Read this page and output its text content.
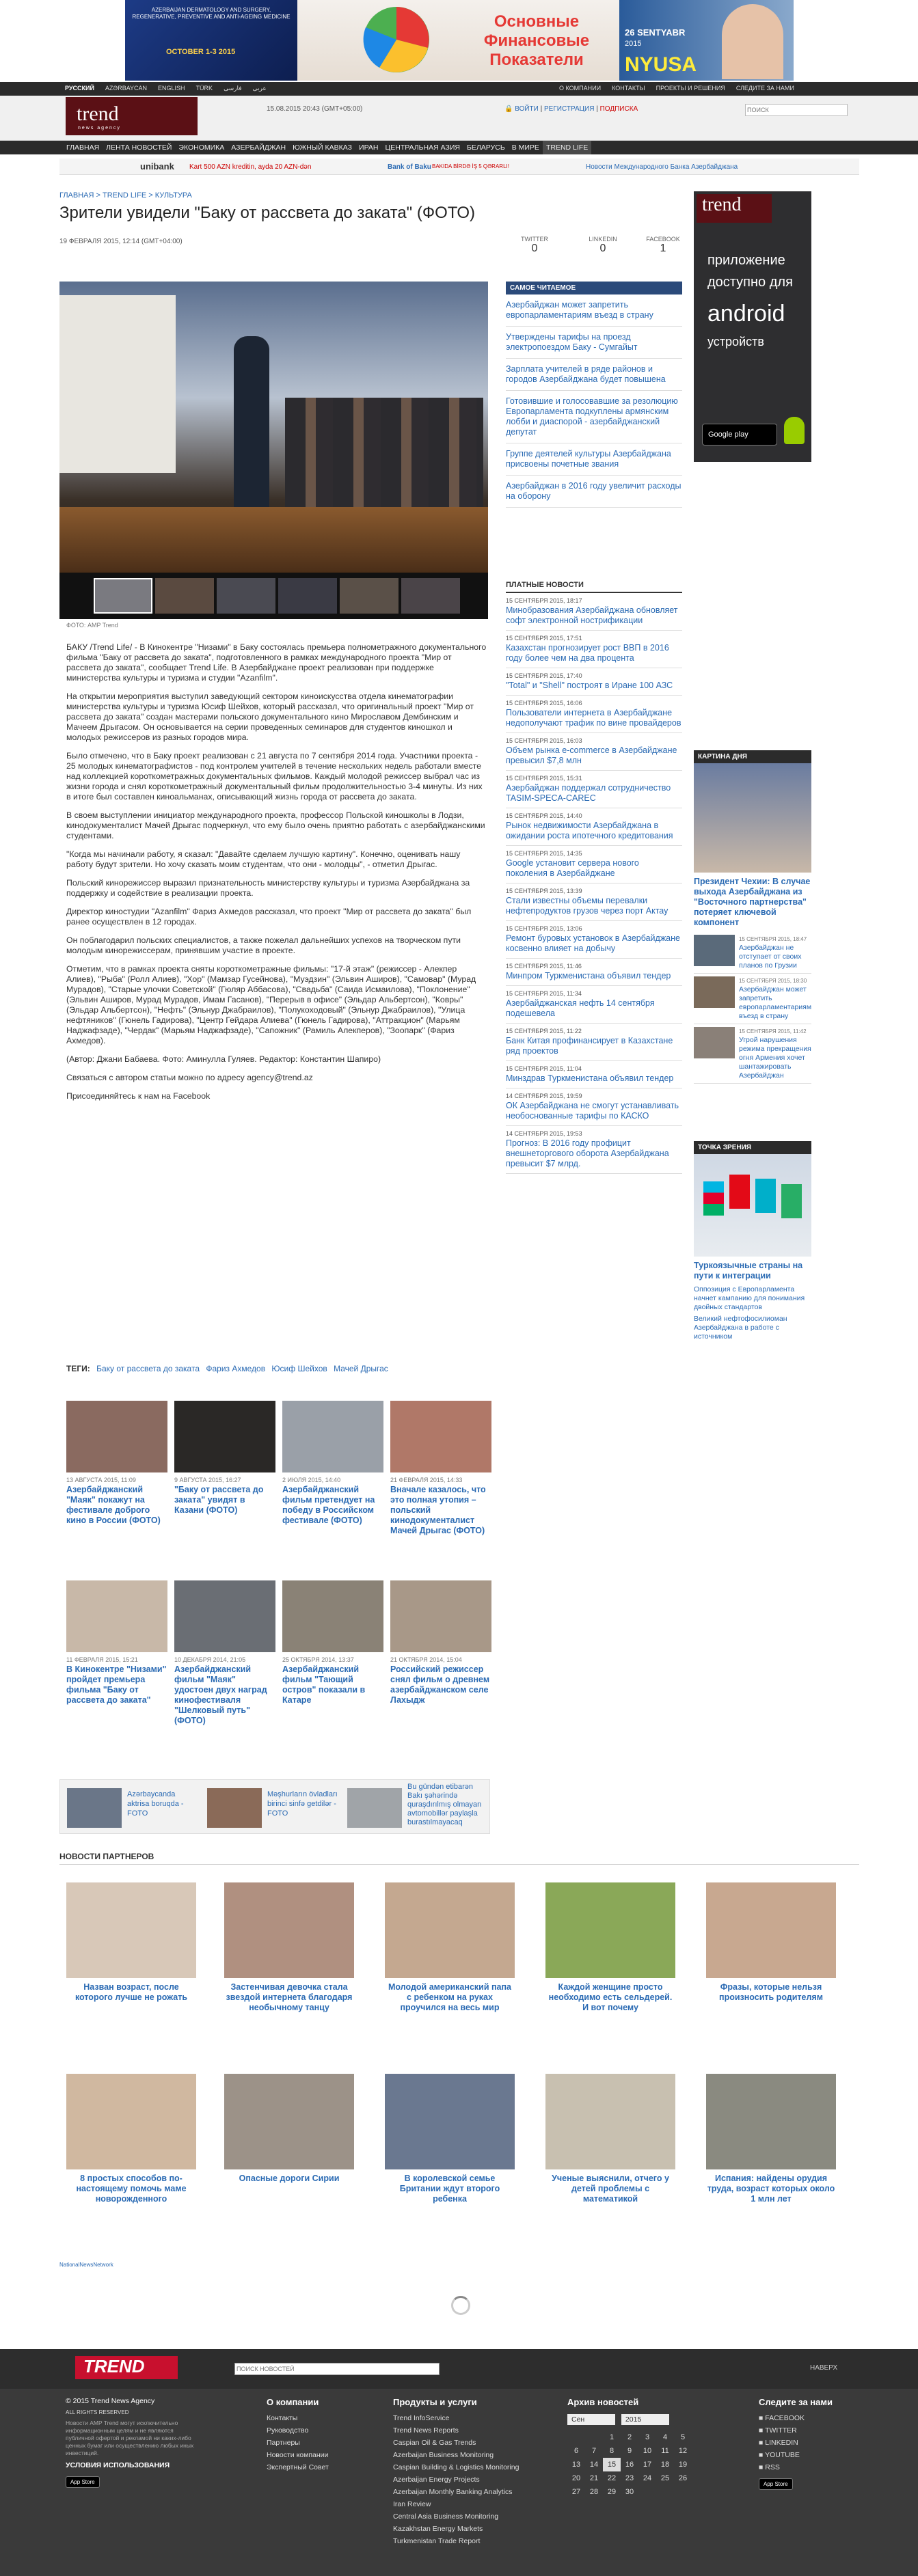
AZERBAIJAN DERMATOLOGY AND SURGERY, REGENERATIVE, PREVENTIVE AND ANTI-AGEING MEDICINE
OCTOBER 1-3 2015
Основные Финансовые Показатели
26 SENTYABR
2015
NYUSA
РУССКИЙ AZƏRBAYCAN ENGLISH TÜRK فارسی عربی	О КОМПАНИИ КОНТАКТЫ ПРОЕКТЫ И РЕШЕНИЯ СЛЕДИТЕ ЗА НАМИ
trend
news agency
15.08.2015 20:43 (GMT+05:00)	🔒 ВОЙТИ | РЕГИСТРАЦИЯ | ПОДПИСКА
ПОИСК
ГЛАВНАЯ ЛЕНТА НОВОСТЕЙ ЭКОНОМИКА АЗЕРБАЙДЖАН ЮЖНЫЙ КАВКАЗ ИРАН ЦЕНТРАЛЬНАЯ АЗИЯ БЕЛАРУСЬ В МИРЕ TREND LIFE
unibank Kart 500 AZN kreditin, ayda 20 AZN-dən	Bank of Baku BAKIDA BİRDƏ İŞ 5 QƏRARLI!	Новости Международного Банка Азербайджана
ГЛАВНАЯ > TREND LIFE > КУЛЬТУРА
Зрители увидели "Баку от рассвета до заката" (ФОТО)
19 ФЕВРАЛЯ 2015, 12:14 (GMT+04:00)	TWITTER
0
LINKEDIN
0
FACEBOOK
1
ФОТО: AMP Trend

БАКУ /Trend Life/ - В Кинокентре "Низами" в Баку состоялась премьера полнометражного документального фильма "Баку от рассвета до заката", подготовленного в рамках международного проекта "Мир от рассвета до заката", сообщает Trend Life. В Азербайджане проект реализован при поддержке министерства культуры и туризма и студии "Azanfilm".

На открытии мероприятия выступил заведующий сектором киноискусства отдела кинематографии министерства культуры и туризма Юсиф Шейхов, который рассказал, что оригинальный проект "Мир от рассвета до заката" создан мастерами польского документального кино Мирославом Дембинским и Мачеем Дрыгасом. Он основывается на серии проведенных семинаров для студентов киношкол и молодых режиссеров из разных городов мира.

Было отмечено, что в Баку проект реализован с 21 августа по 7 сентября 2014 года. Участники проекта - 25 молодых кинематографистов - под контролем учителей в течение нескольких недель работали вместе над коллекцией короткометражных документальных фильмов. Каждый молодой режиссер выбрал час из жизни города и снял короткометражный документальный фильм продолжительностью 3-4 минуты. Из них в итоге был составлен киноальманах, описывающий жизнь города от рассвета до заката.

В своем выступлении инициатор международного проекта, профессор Польской киношколы в Лодзи, кинодокументалист Мачей Дрыгас подчеркнул, что ему было очень приятно работать с азербайджанскими студентами.

"Когда мы начинали работу, я сказал: "Давайте сделаем лучшую картину". Конечно, оценивать нашу работу будут зрители. Но хочу сказать моим студентам, что они - молодцы", - отметил Дрыгас.

Польский кинорежиссер выразил признательность министерству культуры и туризма Азербайджана за поддержку и содействие в реализации проекта.

Директор киностудии "Azanfilm" Фариз Ахмедов рассказал, что проект "Мир от рассвета до заката" был ранее осуществлен в 12 городах.

Он поблагодарил польских специалистов, а также пожелал дальнейших успехов на творческом пути молодым кинорежиссерам, принявшим участие в проекте.

Отметим, что в рамках проекта сняты короткометражные фильмы: "17-й этаж" (режиссер - Алекпер Алиев), "Рыба" (Ролл Алиев), "Хор" (Мамзар Гусейнова), "Муэдзин" (Эльвин Аширов), "Самовар" (Мурад Мурадов), "Старые улочки Советской" (Гюляр Аббасова), "Свадьба" (Саида Исмаилова), "Поклонение" (Эльвин Аширов, Мурад Мурадов, Имам Гасанов), "Перерыв в офисе" (Эльдар Альбертсон), "Ковры" (Эльдар Альбертсон), "Нефть" (Эльнур Джабраилов), "Полукоходовый" (Эльнур Джабраилов), "Улица нефтяников" (Гюнель Гадирова), "Центр Гейдара Алиева" (Гюнель Гадирова), "Аттракцион" (Марьям Наджафзаде), "Чердак" (Марьям Наджафзаде), "Сапожник" (Рамиль Алекперов), "Зоопарк" (Фариз Ахмедов).

(Автор: Джани Бабаева. Фото: Аминулла Гуляев. Редактор: Константин Шапиро)

Связаться с автором статьи можно по адресу agency@trend.az

Присоединяйтесь к нам на Facebook

ТЕГИ: Баку от рассвета до заката Фариз Ахмедов Юсиф Шейхов Мачей Дрыгас
13 АВГУСТА 2015, 11:09
Азербайджанский "Маяк" покажут на фестивале доброго кино в России (ФОТО)
9 АВГУСТА 2015, 16:27
"Баку от рассвета до заката" увидят в Казани (ФОТО)
2 ИЮЛЯ 2015, 14:40
Азербайджанский фильм претендует на победу в Российском фестивале (ФОТО)
21 ФЕВРАЛЯ 2015, 14:33
Вначале казалось, что это полная утопия – польский кинодокументалист Мачей Дрыгас (ФОТО)
11 ФЕВРАЛЯ 2015, 15:21
В Кинокентре "Низами" пройдет премьера фильма "Баку от рассвета до заката"
10 ДЕКАБРЯ 2014, 21:05
Азербайджанский фильм "Маяк" удостоен двух наград кинофестиваля "Шелковый путь" (ФОТО)
25 ОКТЯБРЯ 2014, 13:37
Азербайджанский фильм "Тающий остров" показали в Катаре
21 ОКТЯБРЯ 2014, 15:04
Российский режиссер снял фильм о древнем азербайджанском селе Лахыдж
Azərbaycanda aktrisa boruqda - FOTO
Məşhurların övladları birinci sinfə getdilər - FOTO
Bu gündən etibarən Bakı şəhərində quraşdırılmış olmayan avtomobillər paylaşla burastılmayacaq
НОВОСТИ ПАРТНЕРОВ
Назван возраст, после которого лучше не рожать
Застенчивая девочка стала звездой интернета благодаря необычному танцу
Молодой американский папа с ребенком на руках проучился на весь мир
Каждой женщине просто необходимо есть сельдерей. И вот почему
Фразы, которые нельзя произносить родителям
8 простых способов по-настоящему помочь маме новорожденного
Опасные дороги Сирии	В королевской семье Британии ждут второго ребенка
Ученые выяснили, отчего у детей проблемы с математикой
Испания: найдены орудия труда, возраст которых около 1 млн лет
NationalNewsNetwork
САМОЕ ЧИТАЕМОЕ
Азербайджан может запретить европарламентариям въезд в страну
Утверждены тарифы на проезд электропоездом Баку - Сумгайыт
Зарплата учителей в ряде районов и городов Азербайджана будет повышена
Готовившие и голосовавшие за резолюцию Европарламента подкуплены армянским лобби и диаспорой - азербайджанский депутат
Группе деятелей культуры Азербайджана присвоены почетные звания
Азербайджан в 2016 году увеличит расходы на оборону
ПЛАТНЫЕ НОВОСТИ
15 СЕНТЯБРЯ 2015, 18:17
Минобразования Азербайджана обновляет софт электронной нострификации
15 СЕНТЯБРЯ 2015, 17:51
Казахстан прогнозирует рост ВВП в 2016 году более чем на два процента
15 СЕНТЯБРЯ 2015, 17:40
"Total" и "Shell" построят в Иране 100 АЗС
15 СЕНТЯБРЯ 2015, 16:06
Пользователи интернета в Азербайджане недополучают трафик по вине провайдеров
15 СЕНТЯБРЯ 2015, 16:03
Объем рынка e-commerce в Азербайджане превысил $7,8 млн
15 СЕНТЯБРЯ 2015, 15:31
Азербайджан поддержал сотрудничество TASIM-SPECA-CAREC
15 СЕНТЯБРЯ 2015, 14:40
Рынок недвижимости Азербайджана в ожидании роста ипотечного кредитования
15 СЕНТЯБРЯ 2015, 14:35
Google установит сервера нового поколения в Азербайджане
15 СЕНТЯБРЯ 2015, 13:39
Стали известны объемы перевалки нефтепродуктов грузов через порт Актау
15 СЕНТЯБРЯ 2015, 13:06
Ремонт буровых установок в Азербайджане косвенно влияет на добычу
15 СЕНТЯБРЯ 2015, 11:46
Минпром Туркменистана объявил тендер
15 СЕНТЯБРЯ 2015, 11:34
Азербайджанская нефть 14 сентября подешевела
15 СЕНТЯБРЯ 2015, 11:22
Банк Китая профинансирует в Казахстане ряд проектов
15 СЕНТЯБРЯ 2015, 11:04
Минздрав Туркменистана объявил тендер
14 СЕНТЯБРЯ 2015, 19:59
ОК Азербайджана не смогут устанавливать необоснованные тарифы по КАСКО
14 СЕНТЯБРЯ 2015, 19:53
Прогноз: В 2016 году профицит внешнеторгового оборота Азербайджана превысит $7 млрд.
trend
приложение
доступно для
android
устройств
Google play
КАРТИНА ДНЯ
Президент Чехии: В случае выхода Азербайджана из "Восточного партнерства" потеряет ключевой компонент
15 СЕНТЯБРЯ 2015, 18:47
Азербайджан не отступает от своих планов по Грузии
15 СЕНТЯБРЯ 2015, 18:30
Азербайджан может запретить европарламентариям въезд в страну
15 СЕНТЯБРЯ 2015, 11:42
Угрой нарушения режима прекращения огня Армения хочет шантажировать Азербайджан
ТОЧКА ЗРЕНИЯ
Туркоязычные страны на пути к интеграции
Оппозиция с Европарламента начнет кампанию для понимания двойных стандартов
Великий нефтофосилиоман Азербайджана в работе с источником
TREND
ПОИСК НОВОСТЕЙ	НАВЕРХ
© 2015 Trend News Agency
ALL RIGHTS RESERVED
Новости AMP Trend могут исключительно информационным целям и не являются публичной офертой и рекламой ни каких-либо ценных бумаг или осуществлению любых иных инвестиций.
УСЛОВИЯ ИСПОЛЬЗОВАНИЯ
App Store
О компании
Контакты
Руководство
Партнеры
Новости компании
Экспертный Совет
Продукты и услуги
Trend InfoService
Trend News Reports
Caspian Oil & Gas Trends
Azerbaijan Business Monitoring
Caspian Building & Logistics Monitoring
Azerbaijan Energy Projects
Azerbaijan Monthly Banking Analytics
Iran Review
Central Asia Business Monitoring
Kazakhstan Energy Markets
Turkmenistan Trade Report
Архив новостей
Сен	2015
		1	2	3	4	5
6	7	8	9	10	11	12
13	14	15	16	17	18	19
20	21	22	23	24	25	26
27	28	29	30			
Следите за нами
■ FACEBOOK
■ TWITTER
■ LINKEDIN
■ YOUTUBE
■ RSS
App Store
